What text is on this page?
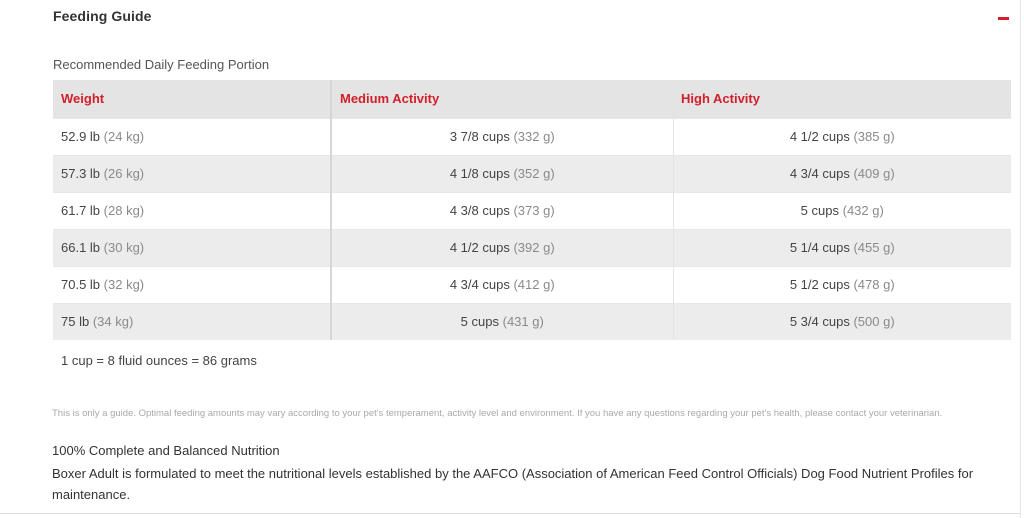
Feeding Guide
Recommended Daily Feeding Portion
Weight	Medium Activity	High Activity
52.9 lb (24 kg)	3 7/8 cups (332 g)	4 1/2 cups (385 g)
57.3 lb (26 kg)	4 1/8 cups (352 g)	4 3/4 cups (409 g)
61.7 lb (28 kg)	4 3/8 cups (373 g)	5 cups (432 g)
66.1 lb (30 kg)	4 1/2 cups (392 g)	5 1/4 cups (455 g)
70.5 lb (32 kg)	4 3/4 cups (412 g)	5 1/2 cups (478 g)
75 lb (34 kg)	5 cups (431 g)	5 3/4 cups (500 g)
1 cup = 8 fluid ounces = 86 grams
This is only a guide. Optimal feeding amounts may vary according to your pet's temperament, activity level and environment. If you have any questions regarding your pet's health, please contact your veterinarian.
100% Complete and Balanced Nutrition
Boxer Adult is formulated to meet the nutritional levels established by the AAFCO (Association of American Feed Control Officials) Dog Food Nutrient Profiles for maintenance.
